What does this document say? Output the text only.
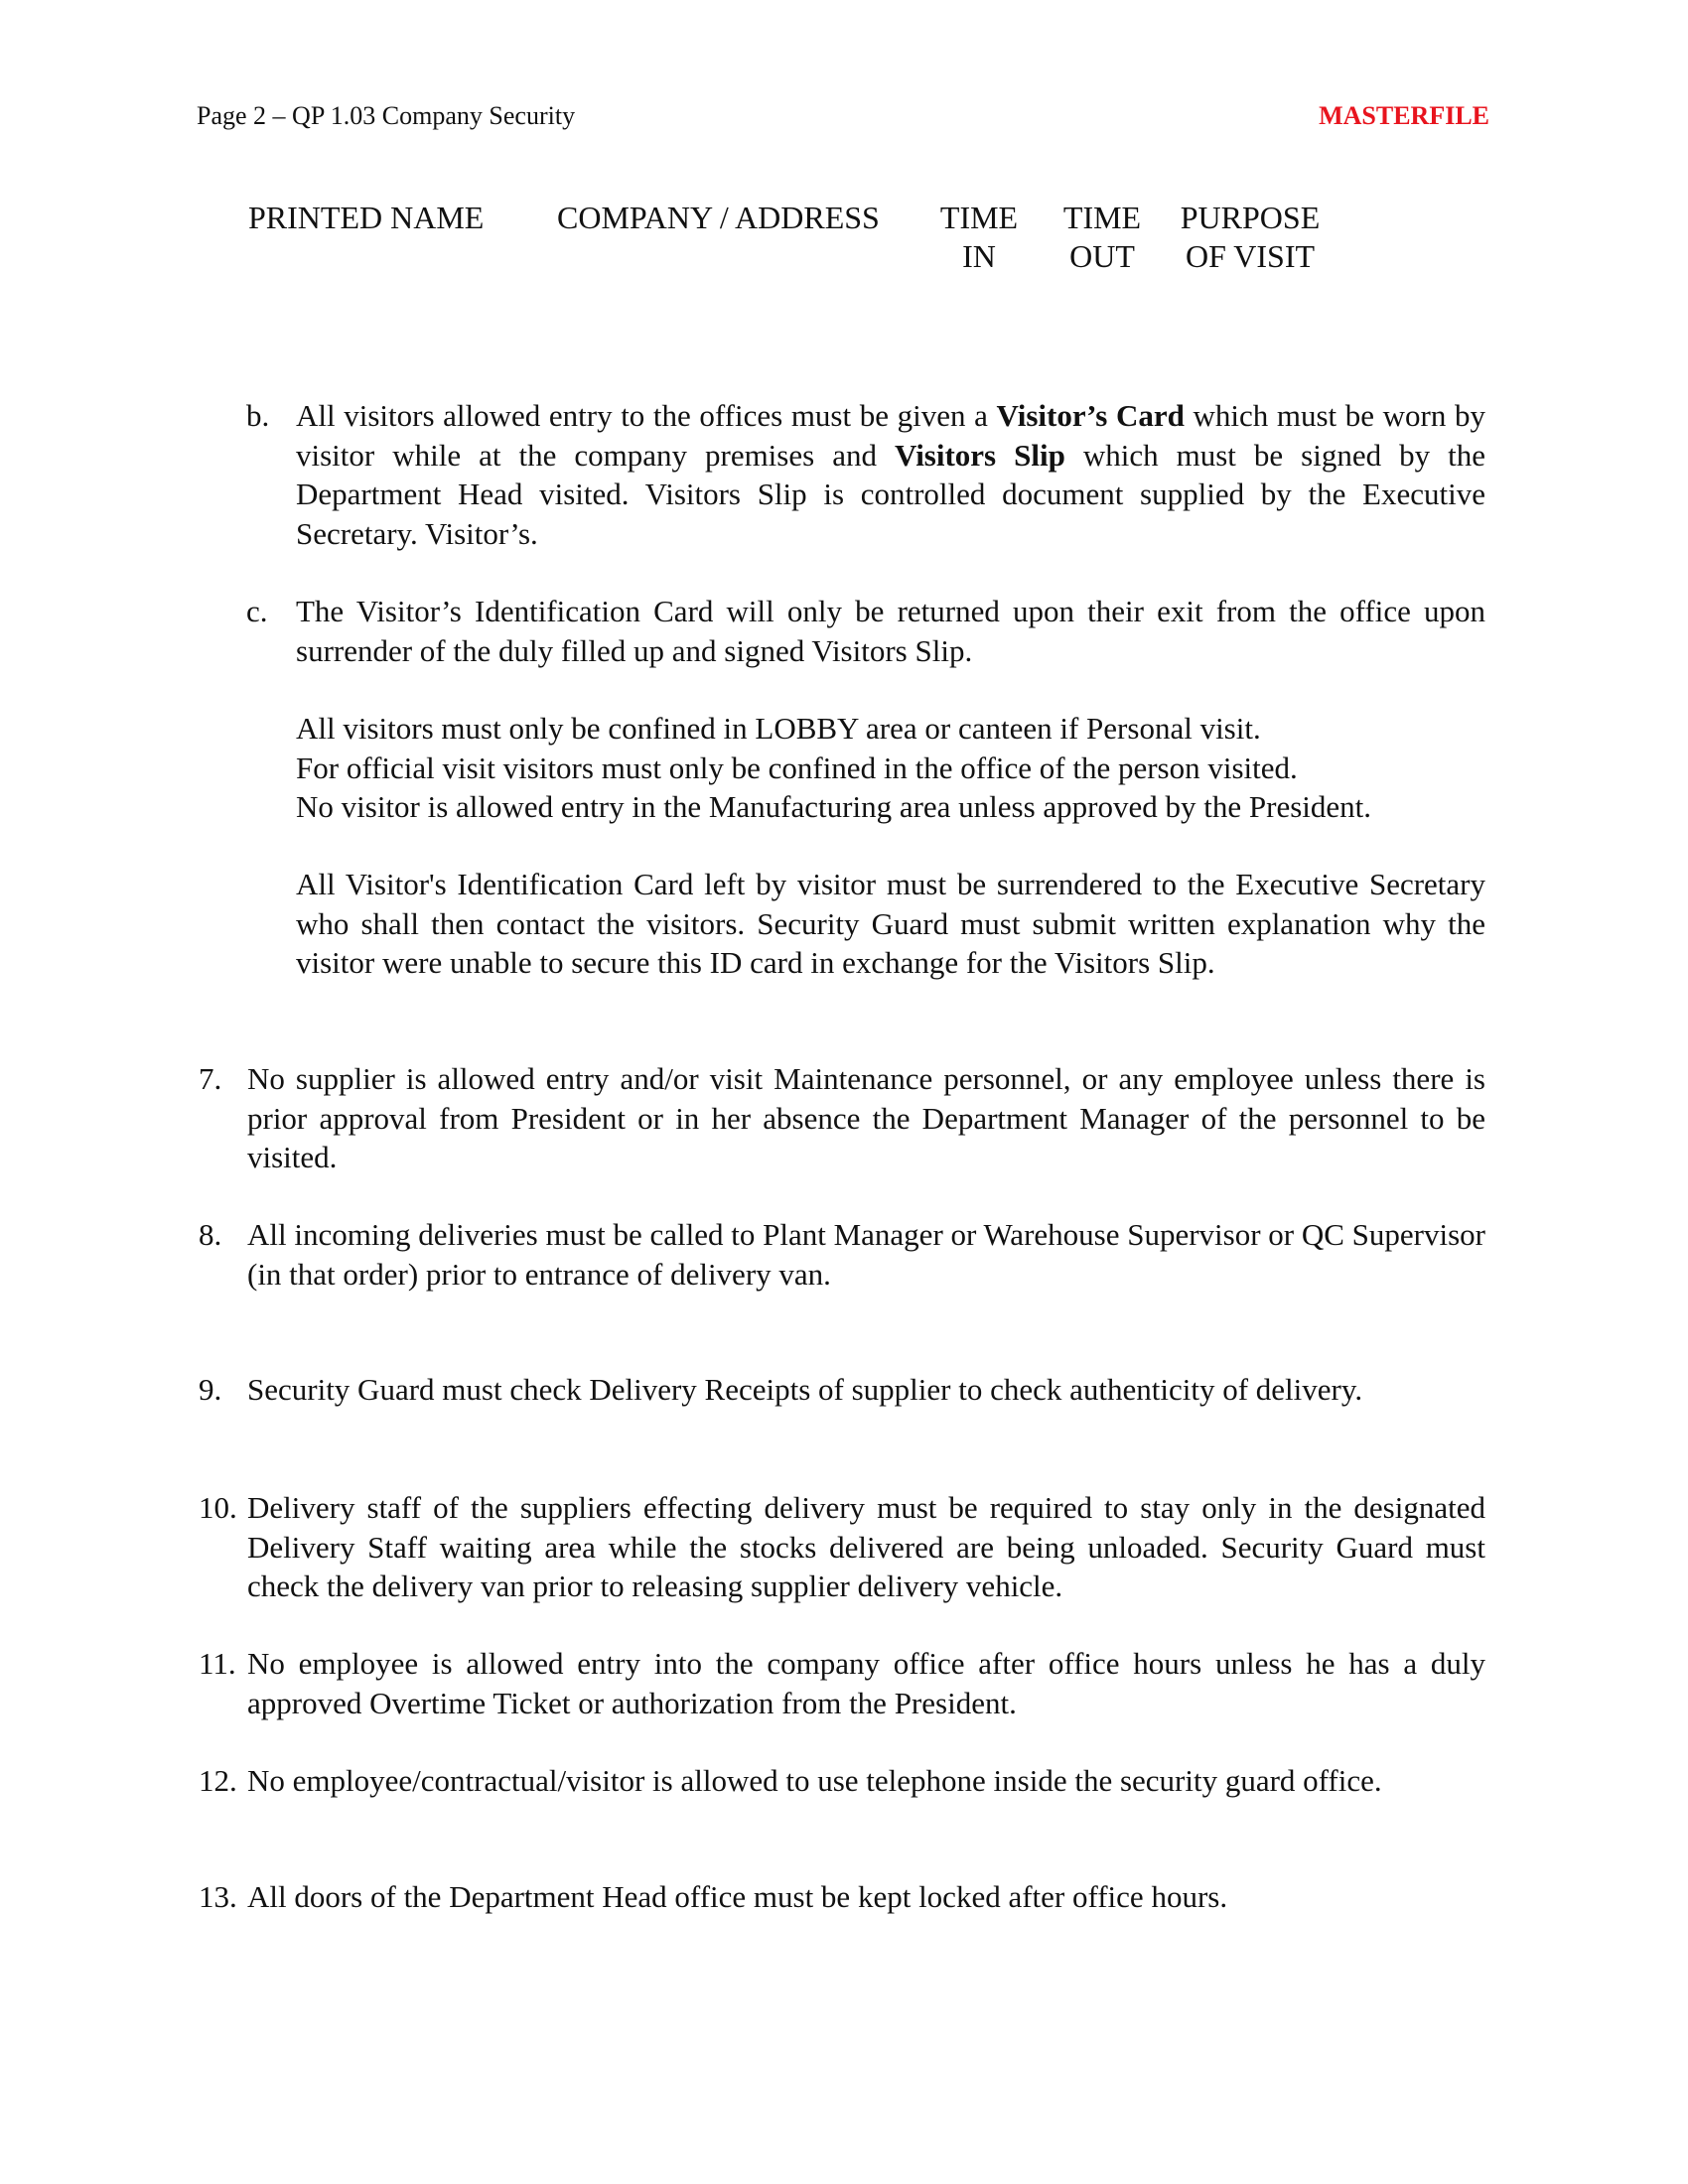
Page 2 – QP 1.03 Company Security	MASTERFILE
PRINTED NAME COMPANY / ADDRESS TIME
IN
TIME
OUT
PURPOSE
OF VISIT
b. All visitors allowed entry to the offices must be given a Visitor’s Card which must be worn by visitor while at the company premises and Visitors Slip which must be signed by the Department Head visited. Visitors Slip is controlled document supplied by the Executive Secretary. Visitor’s.
c. The Visitor’s Identification Card will only be returned upon their exit from the office upon surrender of the duly filled up and signed Visitors Slip.
All visitors must only be confined in LOBBY area or canteen if Personal visit.
For official visit visitors must only be confined in the office of the person visited.
No visitor is allowed entry in the Manufacturing area unless approved by the President.
All Visitor's Identification Card left by visitor must be surrendered to the Executive Secretary who shall then contact the visitors. Security Guard must submit written explanation why the visitor were unable to secure this ID card in exchange for the Visitors Slip.
7. No supplier is allowed entry and/or visit Maintenance personnel, or any employee unless there is prior approval from President or in her absence the Department Manager of the personnel to be visited.
8. All incoming deliveries must be called to Plant Manager or Warehouse Supervisor or QC Supervisor (in that order) prior to entrance of delivery van.
9. Security Guard must check Delivery Receipts of supplier to check authenticity of delivery.
10. Delivery staff of the suppliers effecting delivery must be required to stay only in the designated Delivery Staff waiting area while the stocks delivered are being unloaded. Security Guard must check the delivery van prior to releasing supplier delivery vehicle.
11. No employee is allowed entry into the company office after office hours unless he has a duly approved Overtime Ticket or authorization from the President.
12. No employee/contractual/visitor is allowed to use telephone inside the security guard office.
13. All doors of the Department Head office must be kept locked after office hours.
